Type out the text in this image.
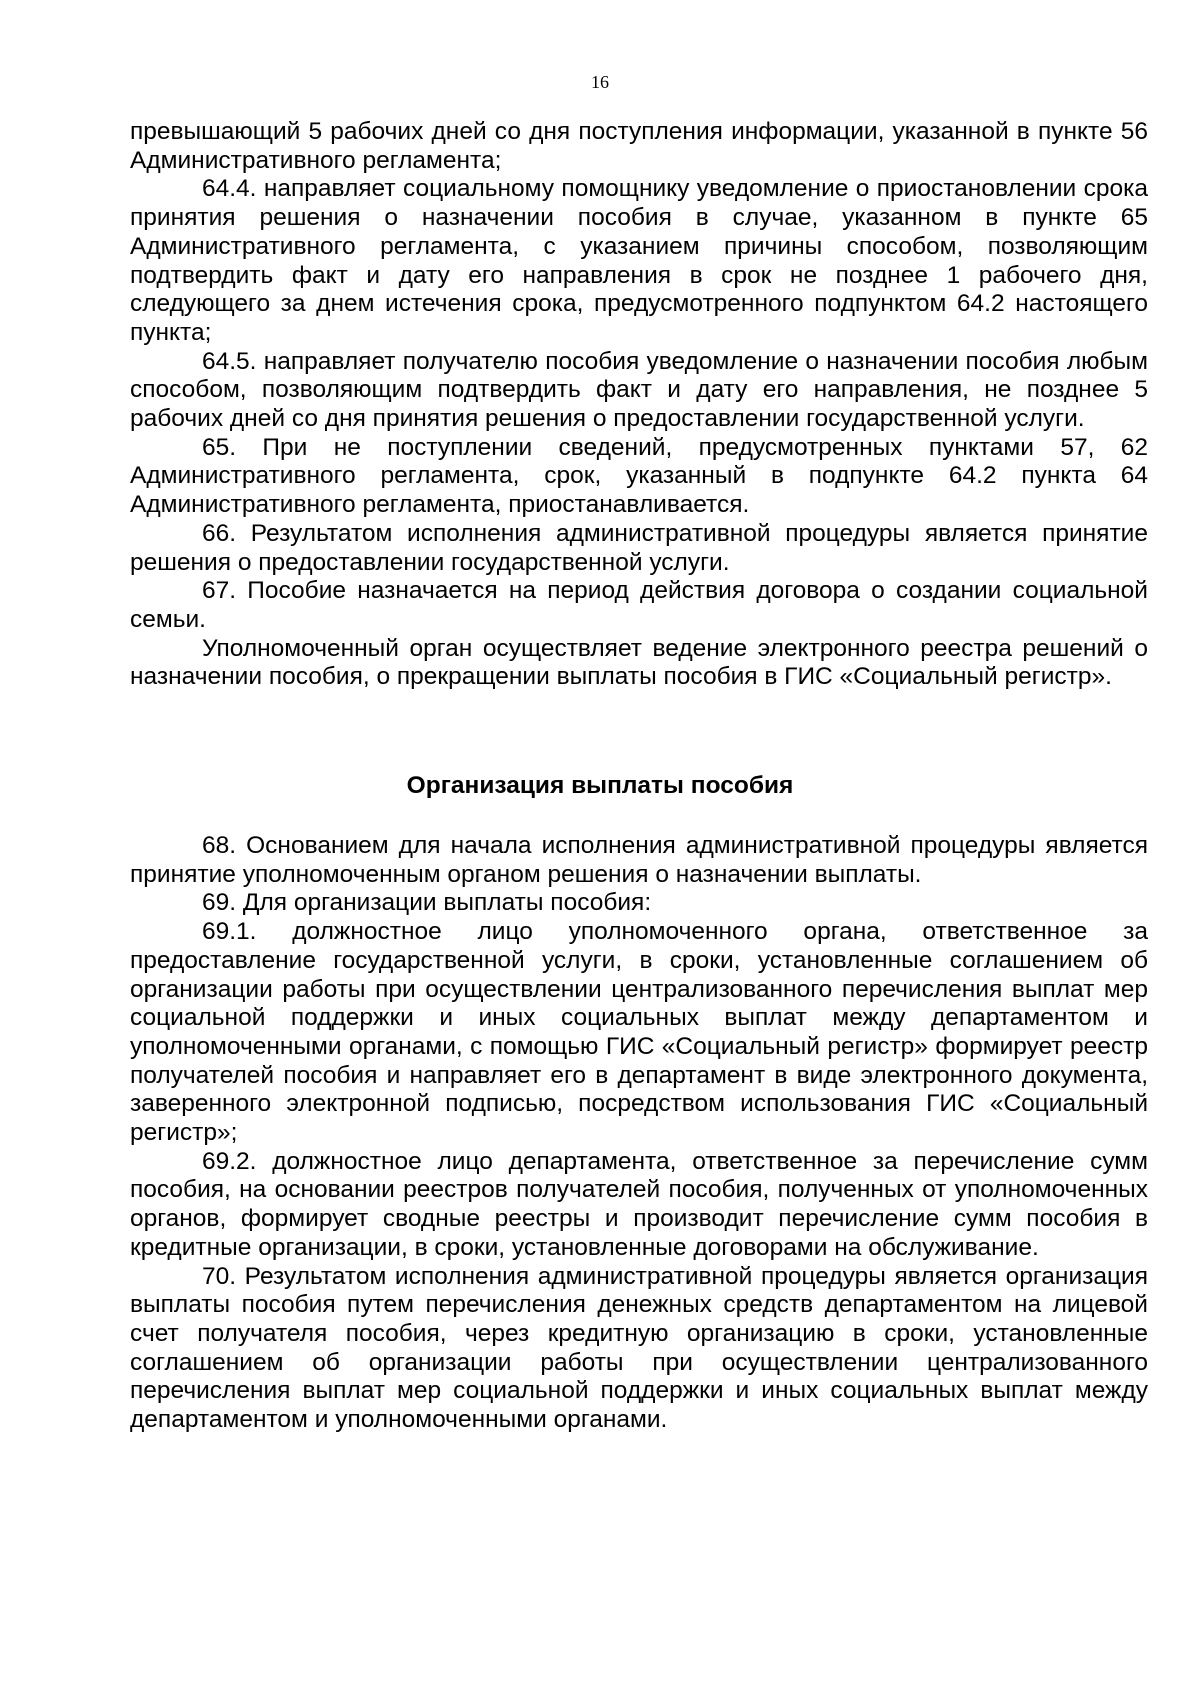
16

превышающий 5 рабочих дней со дня поступления информации, указанной в пункте 56 Административного регламента;

64.4. направляет социальному помощнику уведомление о приостановлении срока принятия решения о назначении пособия в случае, указанном в пункте 65 Административного регламента, с указанием причины способом, позволяющим подтвердить факт и дату его направления в срок не позднее 1 рабочего дня, следующего за днем истечения срока, предусмотренного подпунктом 64.2 настоящего пункта;

64.5. направляет получателю пособия уведомление о назначении пособия любым способом, позволяющим подтвердить факт и дату его направления, не позднее 5 рабочих дней со дня принятия решения о предоставлении государственной услуги.

65. При не поступлении сведений, предусмотренных пунктами 57, 62 Административного регламента, срок, указанный в подпункте 64.2 пункта 64 Административного регламента, приостанавливается.

66. Результатом исполнения административной процедуры является принятие решения о предоставлении государственной услуги.

67. Пособие назначается на период действия договора о создании социальной семьи.

Уполномоченный орган осуществляет ведение электронного реестра решений о назначении пособия, о прекращении выплаты пособия в ГИС «Социальный регистр».

Организация выплаты пособия

68. Основанием для начала исполнения административной процедуры является принятие уполномоченным органом решения о назначении выплаты.

69. Для организации выплаты пособия:

69.1. должностное лицо уполномоченного органа, ответственное за предоставление государственной услуги, в сроки, установленные соглашением об организации работы при осуществлении централизованного перечисления выплат мер социальной поддержки и иных социальных выплат между департаментом и уполномоченными органами, с помощью ГИС «Социальный регистр» формирует реестр получателей пособия и направляет его в департамент в виде электронного документа, заверенного электронной подписью, посредством использования ГИС «Социальный регистр»;

69.2. должностное лицо департамента, ответственное за перечисление сумм пособия, на основании реестров получателей пособия, полученных от уполномоченных органов, формирует сводные реестры и производит перечисление сумм пособия в кредитные организации, в сроки, установленные договорами на обслуживание.

70. Результатом исполнения административной процедуры является организация выплаты пособия путем перечисления денежных средств департаментом на лицевой счет получателя пособия, через кредитную организацию в сроки, установленные соглашением об организации работы при осуществлении централизованного перечисления выплат мер социальной поддержки и иных социальных выплат между департаментом и уполномоченными органами.
